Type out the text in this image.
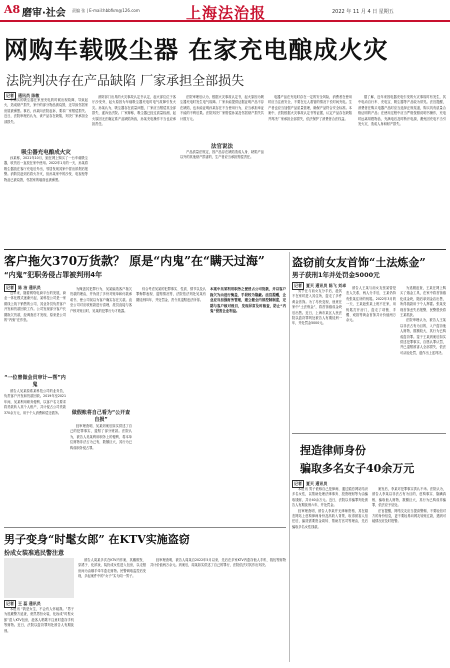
A8 磨审·社会 责编 张 | E-mail:hbbfkm@126.com	上海法治报	2022 年 11 月 4 日 星期五
网购车载吸尘器 在家充电酿成火灾
法院判决存在产品缺陷 厂家承担全部损失
记者 通讯员 陈敏

车购买的吸尘器在家里充电的时候出现故障，导致起火，造成财产损失，家中的部分物品被烧毁，还导致邻居家房屋被熏黑。事后，孙某向法院起诉，要求厂家赔偿损失。近日，法院审理后认为，该产品存在缺陷，判决厂家承担全部损失。

吸尘器充电酿成火灾

孙某称，2021年10月，她在网上购买了一台车载吸尘器，收货后一直放在家中使用。2022年1月的一天，孙某将吸尘器放在客厅充电后外出，邻居发现其家中冒出浓烟后报警。消防员赶到后将火扑灭，但孙某家中的沙发、电视柜等物品已被烧毁，邻居家的墙面也被熏黑。

消防部门出具的火灾事故认定书认定，起火部位位于客厅沙发旁，起火原因为车载吸尘器充电时电气故障引发火灾。孙某认为，吸尘器存在质量问题，厂家应当赔偿其全部损失，遂诉至法院。厂家辩称，吸尘器已经过质量检测，起火原因无法确定系产品缺陷所致，孙某充电操作不当也应承担责任。

法院审理后认为，根据火灾事故认定书，起火原因为吸尘器充电时发生电气故障。厂家未能提供证据证明产品不存在缺陷，也未能证明孙某存在不当使用行为，应当承担举证不能的不利后果。法院判决厂家赔偿孙某及邻居财产损失共计数万元。

法官说法

产品质量法规定，因产品存在缺陷造成人身、缺陷产品以外的其他财产损害的，生产者应当承担赔偿责任。

电器产品在充电时存在一定的安全风险，消费者在使用时应当注意安全，不要在无人看管的情况下长时间充电。生产者也应当加强产品质量管理，确保产品符合安全标准。本案中，法院根据火灾事故认定书等证据，认定产品存在缺陷并判决厂家承担全部损失，依法保护了消费者合法权益。

据了解，近年来因电器充电引发的火灾事故时有发生，其中电动自行车、充电宝、吸尘器等产品较为常见。法官提醒，消费者在购买电器产品时应当选择正规渠道，购买具有质量合格证明的产品；在使用过程中应当严格按照说明书操作，充电时远离易燃物品，充满电后及时断开电源，避免因充电不当引发火灾，造成人身和财产损失。

客户拖欠370万货款？ 原是“内鬼”在“瞒天过海”
“内鬼”犯职务侵占罪被判刑4年
盗窃前女友首饰“土法炼金”
男子获刑1年并处罚金5000元
记者 陈 洁 通讯员

近年来，随着网络电商平台的发展，商业一体化模式逐渐兴起，某科技公司是一家做线上线下销售的公司，其业务员负责客户开发和货款回收工作。公司发现部分客户长期拖欠货款，经调查后才发现，原来是公司的“内鬼”在作祟。

“一位曾做会员审计—帮”内鬼

被告人吴某原系某科技公司的业务员，负责客户开发和货款回收。2019年至2021年间，吴某利用职务便利，以客户名义要求将货款转入其个人账户，共计侵占公司货款370余万元，用于个人消费和偿还债务。

为掩盖其犯罪行为，吴某编造客户拖欠货款的理由，并伪造了多份对账单和付款承诺书，使公司误以为客户确实存在欠款。直至公司对应收账款进行清理，派员直接与客户核对账目时，吴某的犯罪行为才败露。

做假账将自己看为“公开查自损”

经审理查明，吴某到案后如实供述了自己的犯罪事实，退赔了部分赃款。法院认为，被告人吴某利用职务上的便利，将本单位财物非法占为己有，数额巨大，其行为已构成职务侵占罪。

综合考虑吴某的犯罪事实、性质、情节以及认罪悔罪表现、退赔情况等，法院依法判处吴某有期徒刑四年，并处罚金，责令其退赔违法所得。

本案中吴某利用职务之便侵占公司货款，并以客户拖欠为由进行掩盖，手段较为隐蔽。法官提醒，企业应当加强财务管理，建立健全内部控制制度，定期与客户核对账目，发现异常及时核查，防止“内鬼”侵害企业利益。

记者 夏天 通讯员 陈飞 刘卓

男子在与前女友分手后，趁其不在家时进入其住所，盗走了多件黄金首饰。为了尽快变现，他竟在家中“土法炼金”，将首饰熔成金块后出售。近日，上海市某区人民法院以盗窃罪判处被告人有期徒刑一年，并处罚金5000元。

被告人王某与前女友张某曾是恋人关系，两人分手后，王某仍持有张某住所的钥匙。2022年3月的一天，王某趁张某上班不在家，用钥匙打开房门，盗走了项链、手镯、戒指等黄金首饰共计价值两万余元。

为逃避追查，王某在网上购买了熔金工具，在家中将首饰熔化成金块，随后拿到金店出售，所得钱款用于个人挥霍。张某发现首饰丢失后报警，民警很快将王某抓获。

法院审理认为，被告人王某以非法占有为目的，入户盗窃他人财物，数额较大，其行为已构成盗窃罪。鉴于王某到案后如实供述犯罪事实，自愿认罪认罚，并已退赔被害人全部损失，依法可从轻处罚，遂作出上述判决。

捏造律师身份
骗取多名女子40余万元
记者 夏天 通讯员

本报讯 男子谎称自己是律师，通过婚恋网站结识多名女性，以帮助处理法律事务、投资理财等为由骗取钱财，共计40余万元。近日，法院以诈骗罪判处被告人有期徒刑六年，并处罚金。

经审理查明，被告人李某并无律师资格，其在婚恋网站上虚构律师身份及高收入背景，取得被害人信任后，编造需要资金周转、帮助打官司等理由，先后骗取多名女性钱款。

案发后，李某对犯罪事实供认不讳。法院认为，被告人李某以非法占有为目的，虚构事实、隐瞒真相，骗取他人财物，数额巨大，其行为已构成诈骗罪，依法应予惩处。

法官提醒，网络交友应当提高警惕，不要轻信对方的身份信息，更不要轻易向网友转账汇款，遇到可疑情况应及时报警。

男子变身“时髦女郎” 在KTV实施盗窃
扮成女装准逃民警注意
记者 王 蕊 通讯员

本报讯 “我是女生，不会有人怀疑我。”男子为逃避警方追查，竟然男扮女装，化妆成“时髦女郎”混入KTV包房，趁客人唱歌不注意时盗窃手机等财物。近日，法院以盗窃罪判处被告人有期徒刑。

被告人周某多次在KTV内作案，其戴假发、穿裙子、化浓妆，装扮成女性进入包房，以走错房间为由顺手牵羊盗走财物。民警调取监控后发现，多起案件中的“女子”实为同一男子。

经审理查明，被告人周某自2022年5月以来，先后在多家KTV内盗窃他人手机、钱包等财物共计价值两万余元。到案后，周某如实供述了自己的罪行，法院依法对其作出判决。
